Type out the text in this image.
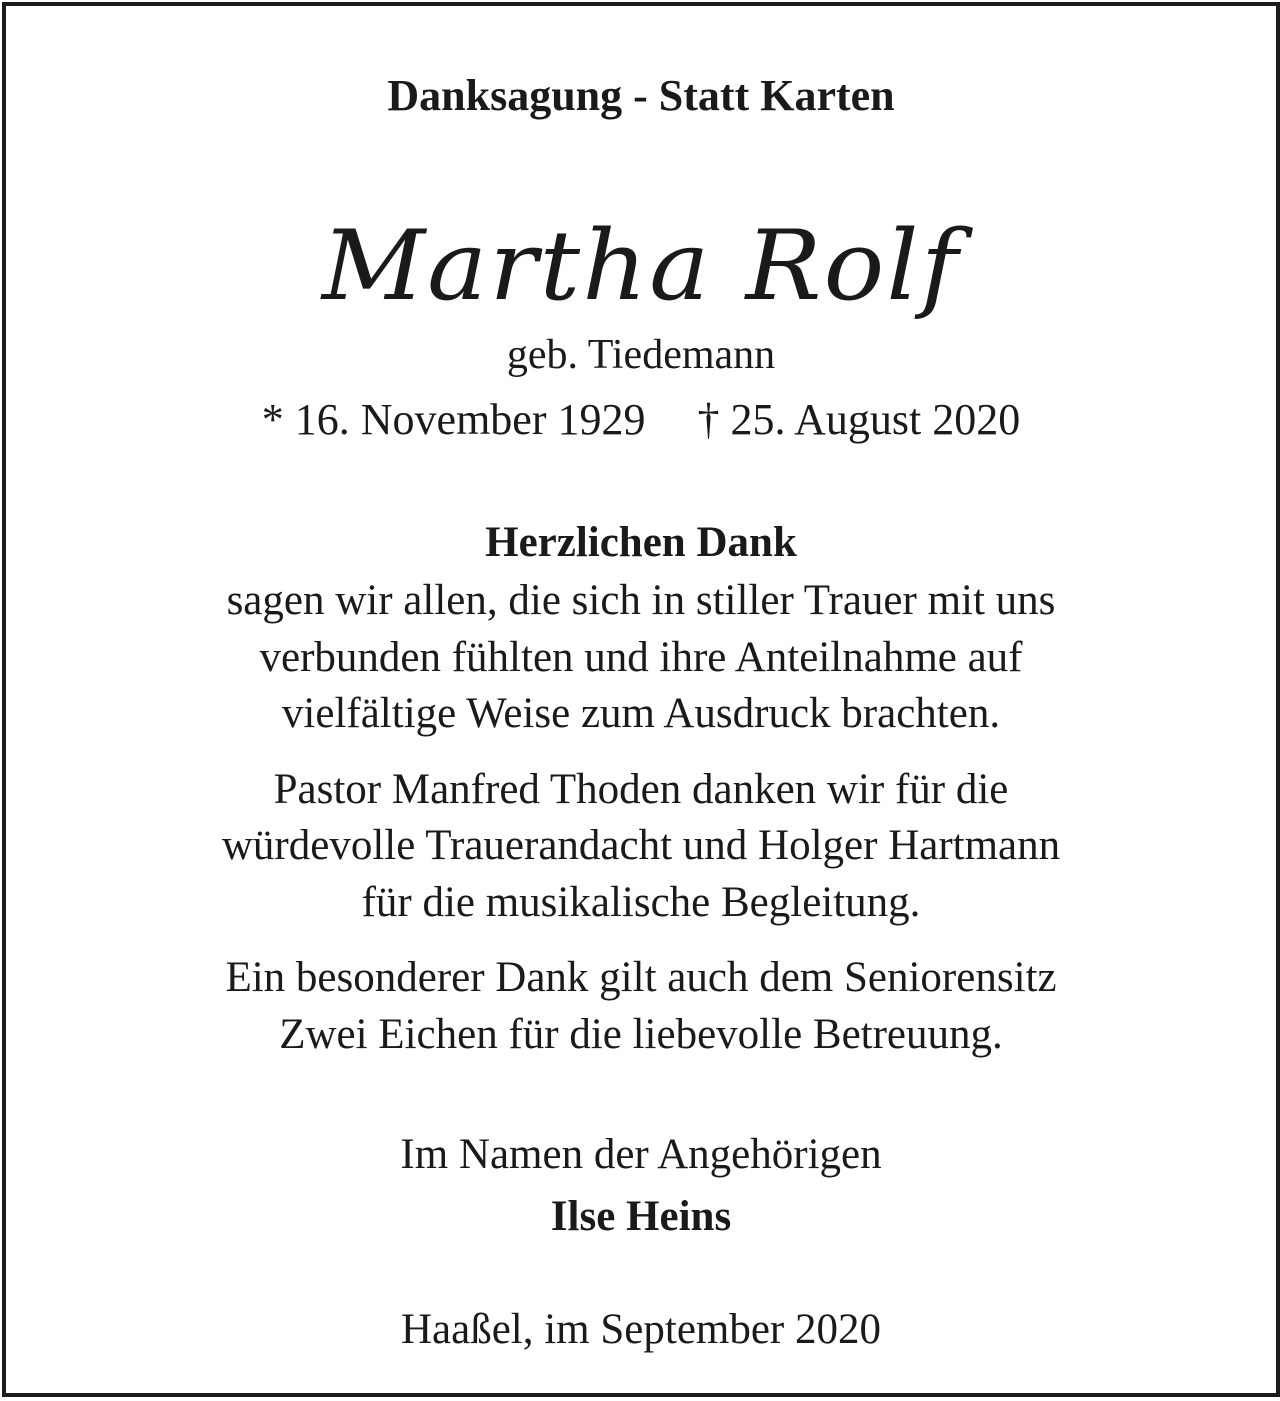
Danksagung - Statt Karten
Martha Rolf
geb. Tiedemann
* 16. November 1929 † 25. August 2020
Herzlichen Dank
sagen wir allen, die sich in stiller Trauer mit uns
verbunden fühlten und ihre Anteilnahme auf
vielfältige Weise zum Ausdruck brachten.
Pastor Manfred Thoden danken wir für die
würdevolle Trauerandacht und Holger Hartmann
für die musikalische Begleitung.
Ein besonderer Dank gilt auch dem Seniorensitz
Zwei Eichen für die liebevolle Betreuung.
Im Namen der Angehörigen
Ilse Heins
Haaßel, im September 2020
